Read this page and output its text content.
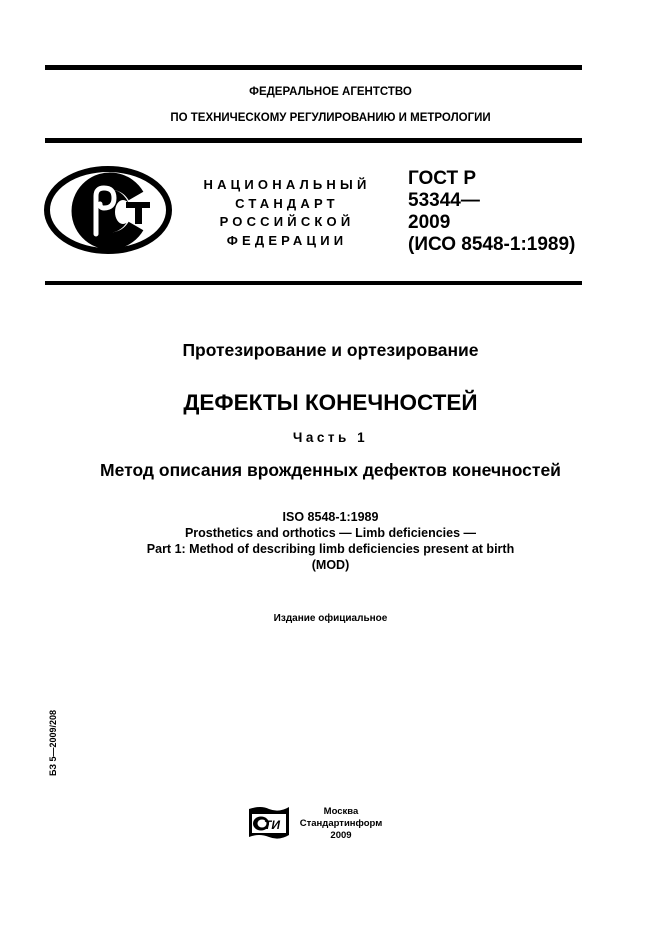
ФЕДЕРАЛЬНОЕ АГЕНТСТВО
ПО ТЕХНИЧЕСКОМУ РЕГУЛИРОВАНИЮ И МЕТРОЛОГИИ
НАЦИОНАЛЬНЫЙ
СТАНДАРТ
РОССИЙСКОЙ
ФЕДЕРАЦИИ
ГОСТ Р
53344—
2009
(ИСО 8548-1:1989)
Протезирование и ортезирование
ДЕФЕКТЫ КОНЕЧНОСТЕЙ
Часть 1
Метод описания врожденных дефектов конечностей
ISO 8548-1:1989
Prosthetics and orthotics — Limb deficiencies —
Part 1: Method of describing limb deficiencies present at birth
(MOD)
Издание официальное
БЗ 5—2009/208
ТИ
Москва
Стандартинформ
2009
